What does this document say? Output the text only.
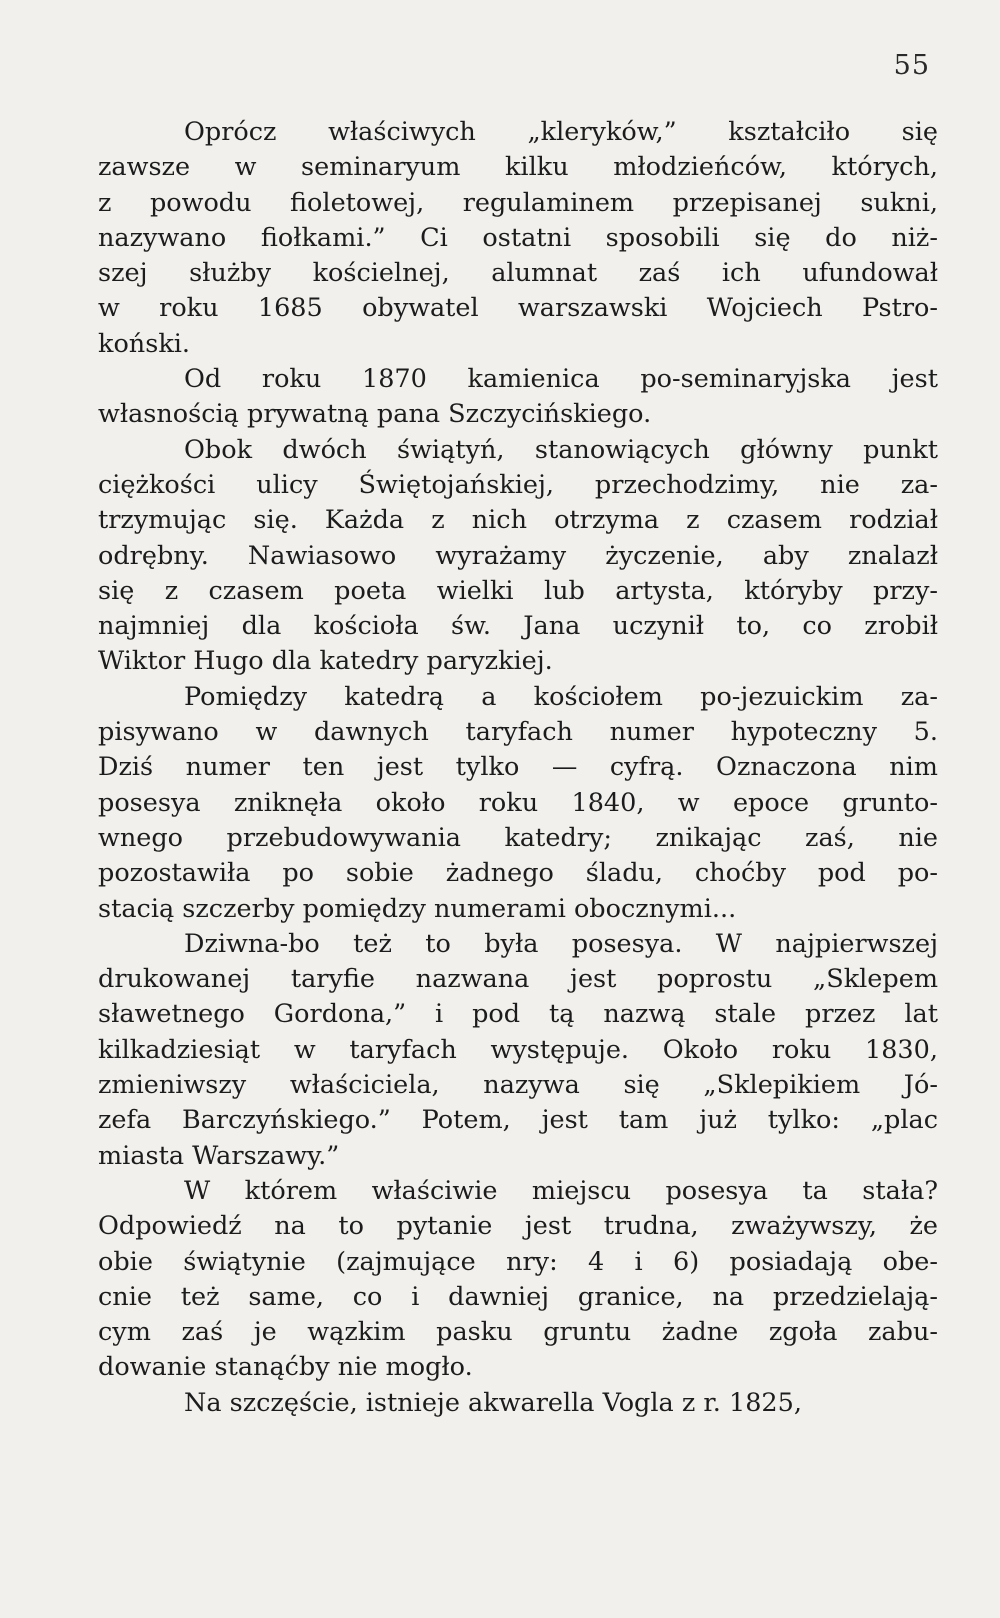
55
Oprócz właściwych „kleryków,” kształciło się
zawsze w seminaryum kilku młodzieńców, których,
z powodu fioletowej, regulaminem przepisanej sukni,
nazywano fiołkami.” Ci ostatni sposobili się do niż-
szej służby kościelnej, alumnat zaś ich ufundował
w roku 1685 obywatel warszawski Wojciech Pstro-
koński.
Od roku 1870 kamienica po-seminaryjska jest
własnością prywatną pana Szczycińskiego.
Obok dwóch świątyń, stanowiących główny punkt
ciężkości ulicy Świętojańskiej, przechodzimy, nie za-
trzymując się. Każda z nich otrzyma z czasem rodział
odrębny. Nawiasowo wyrażamy życzenie, aby znalazł
się z czasem poeta wielki lub artysta, któryby przy-
najmniej dla kościoła św. Jana uczynił to, co zrobił
Wiktor Hugo dla katedry paryzkiej.
Pomiędzy katedrą a kościołem po-jezuickim za-
pisywano w dawnych taryfach numer hypoteczny 5.
Dziś numer ten jest tylko — cyfrą. Oznaczona nim
posesya zniknęła około roku 1840, w epoce grunto-
wnego przebudowywania katedry; znikając zaś, nie
pozostawiła po sobie żadnego śladu, choćby pod po-
stacią szczerby pomiędzy numerami obocznymi...
Dziwna-bo też to była posesya. W najpierwszej
drukowanej taryfie nazwana jest poprostu „Sklepem
sławetnego Gordona,” i pod tą nazwą stale przez lat
kilkadziesiąt w taryfach występuje. Około roku 1830,
zmieniwszy właściciela, nazywa się „Sklepikiem Jó-
zefa Barczyńskiego.” Potem, jest tam już tylko: „plac
miasta Warszawy.”
W którem właściwie miejscu posesya ta stała?
Odpowiedź na to pytanie jest trudna, zważywszy, że
obie świątynie (zajmujące nry: 4 i 6) posiadają obe-
cnie też same, co i dawniej granice, na przedzielają-
cym zaś je wązkim pasku gruntu żadne zgoła zabu-
dowanie stanąćby nie mogło.
Na szczęście, istnieje akwarella Vogla z r. 1825,
